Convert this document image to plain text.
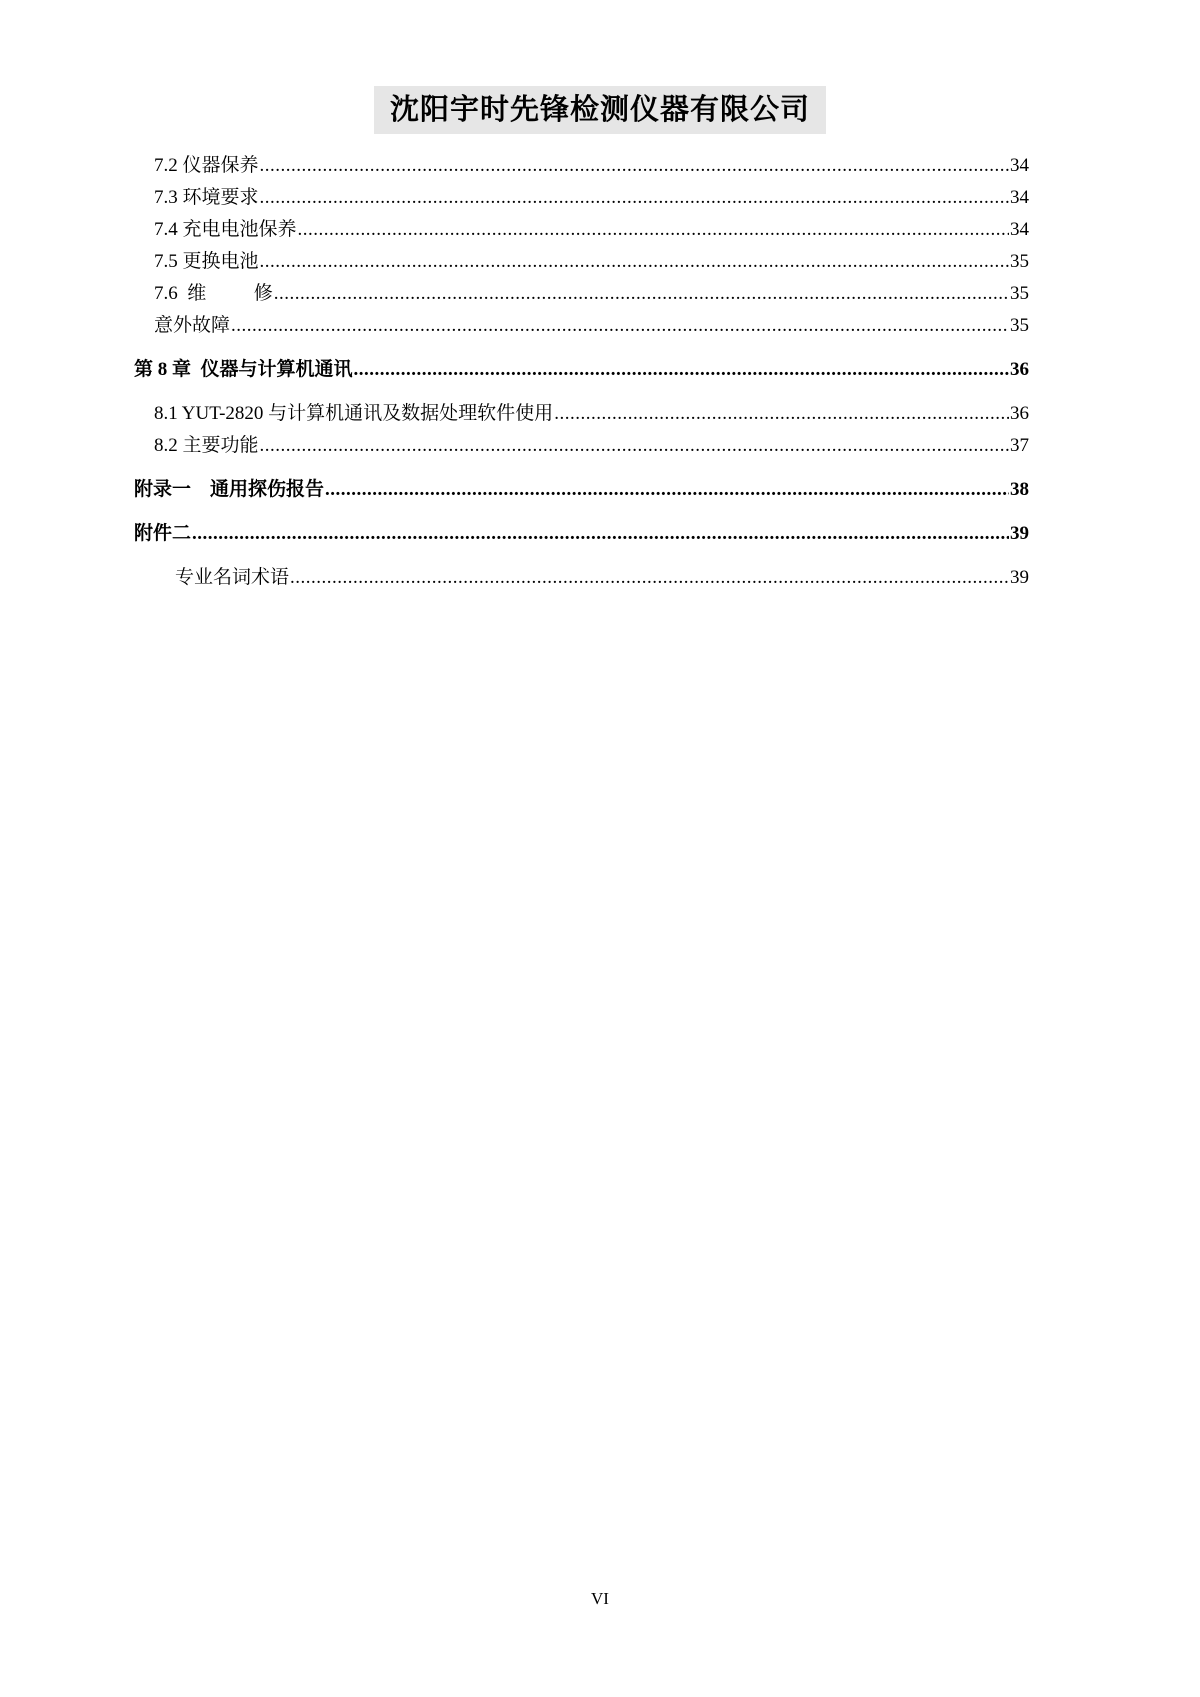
沈阳宇时先锋检测仪器有限公司
7.2 仪器保养 .....	34
7.3 环境要求 .....	34
7.4 充电电池保养 .....	34
7.5 更换电池 .....	35
7.6  维          修 .....	35
意外故障 .....	35
第 8 章  仪器与计算机通讯 .....	36
8.1 YUT-2820 与计算机通讯及数据处理软件使用 .....	36
8.2 主要功能 .....	37
附录一    通用探伤报告 .....	38
附件二 .....	39
专业名词术语 .....	39
VI
